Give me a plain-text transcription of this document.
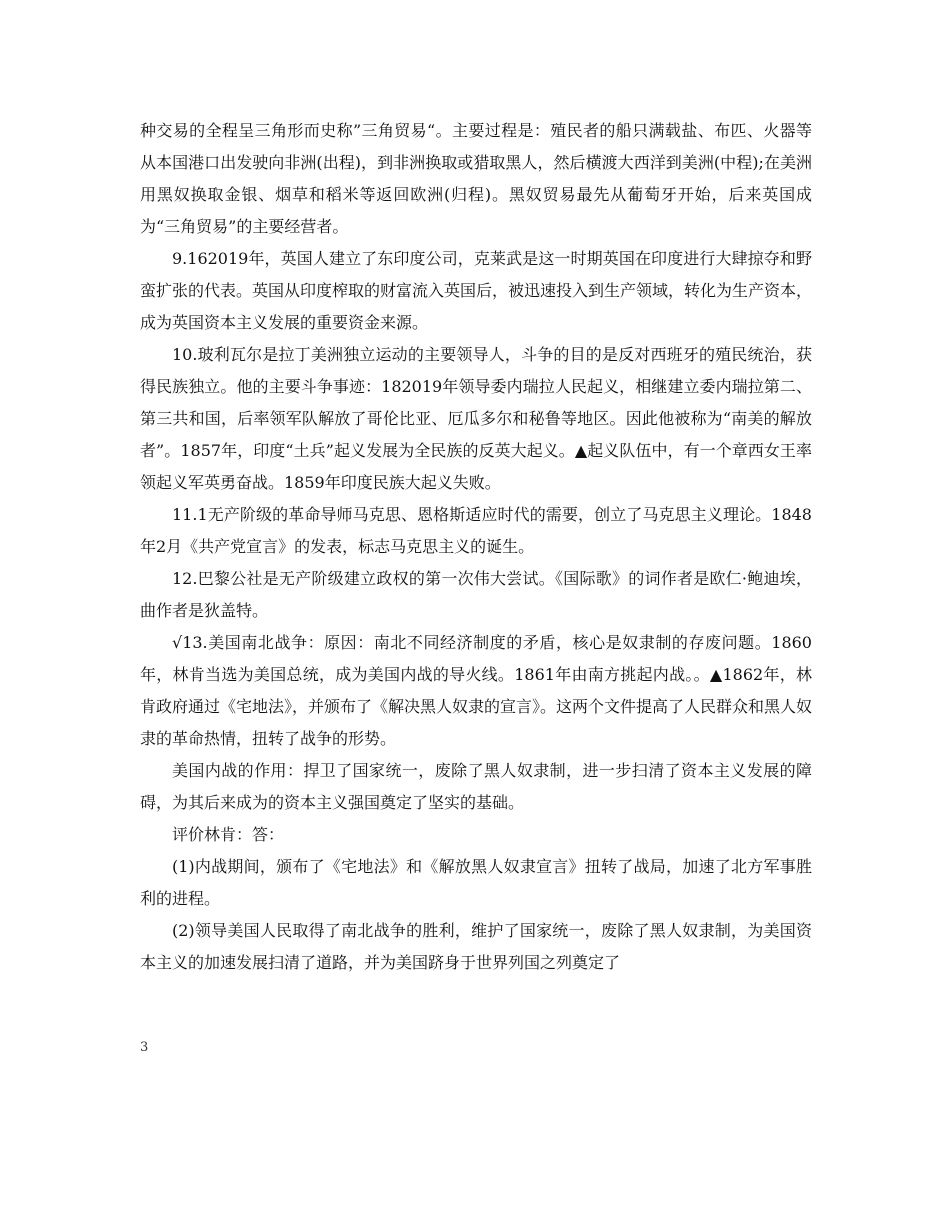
种交易的全程呈三角形而史称”三角贸易“。主要过程是：殖民者的船只满载盐、布匹、火器等从本国港口出发驶向非洲(出程)，到非洲换取或猎取黑人，然后横渡大西洋到美洲(中程);在美洲用黑奴换取金银、烟草和稻米等返回欧洲(归程)。黑奴贸易最先从葡萄牙开始，后来英国成为“三角贸易”的主要经营者。

9.162019年，英国人建立了东印度公司，克莱武是这一时期英国在印度进行大肆掠夺和野蛮扩张的代表。英国从印度榨取的财富流入英国后，被迅速投入到生产领域，转化为生产资本，成为英国资本主义发展的重要资金来源。

10.玻利瓦尔是拉丁美洲独立运动的主要领导人，斗争的目的是反对西班牙的殖民统治，获得民族独立。他的主要斗争事迹：182019年领导委内瑞拉人民起义，相继建立委内瑞拉第二、第三共和国，后率领军队解放了哥伦比亚、厄瓜多尔和秘鲁等地区。因此他被称为“南美的解放者”。1857年，印度“土兵”起义发展为全民族的反英大起义。▲起义队伍中，有一个章西女王率领起义军英勇奋战。1859年印度民族大起义失败。

11.1无产阶级的革命导师马克思、恩格斯适应时代的需要，创立了马克思主义理论。1848年2月《共产党宣言》的发表，标志马克思主义的诞生。

12.巴黎公社是无产阶级建立政权的第一次伟大尝试。《国际歌》的词作者是欧仁·鲍迪埃，曲作者是狄盖特。

√13.美国南北战争：原因：南北不同经济制度的矛盾，核心是奴隶制的存废问题。1860年，林肯当选为美国总统，成为美国内战的导火线。1861年由南方挑起内战。。▲1862年，林肯政府通过《宅地法》，并颁布了《解决黑人奴隶的宣言》。这两个文件提高了人民群众和黑人奴隶的革命热情，扭转了战争的形势。

美国内战的作用：捍卫了国家统一，废除了黑人奴隶制，进一步扫清了资本主义发展的障碍，为其后来成为的资本主义强国奠定了坚实的基础。

评价林肯：答：

(1)内战期间，颁布了《宅地法》和《解放黑人奴隶宣言》扭转了战局，加速了北方军事胜利的进程。

(2)领导美国人民取得了南北战争的胜利，维护了国家统一，废除了黑人奴隶制，为美国资本主义的加速发展扫清了道路，并为美国跻身于世界列国之列奠定了

3
